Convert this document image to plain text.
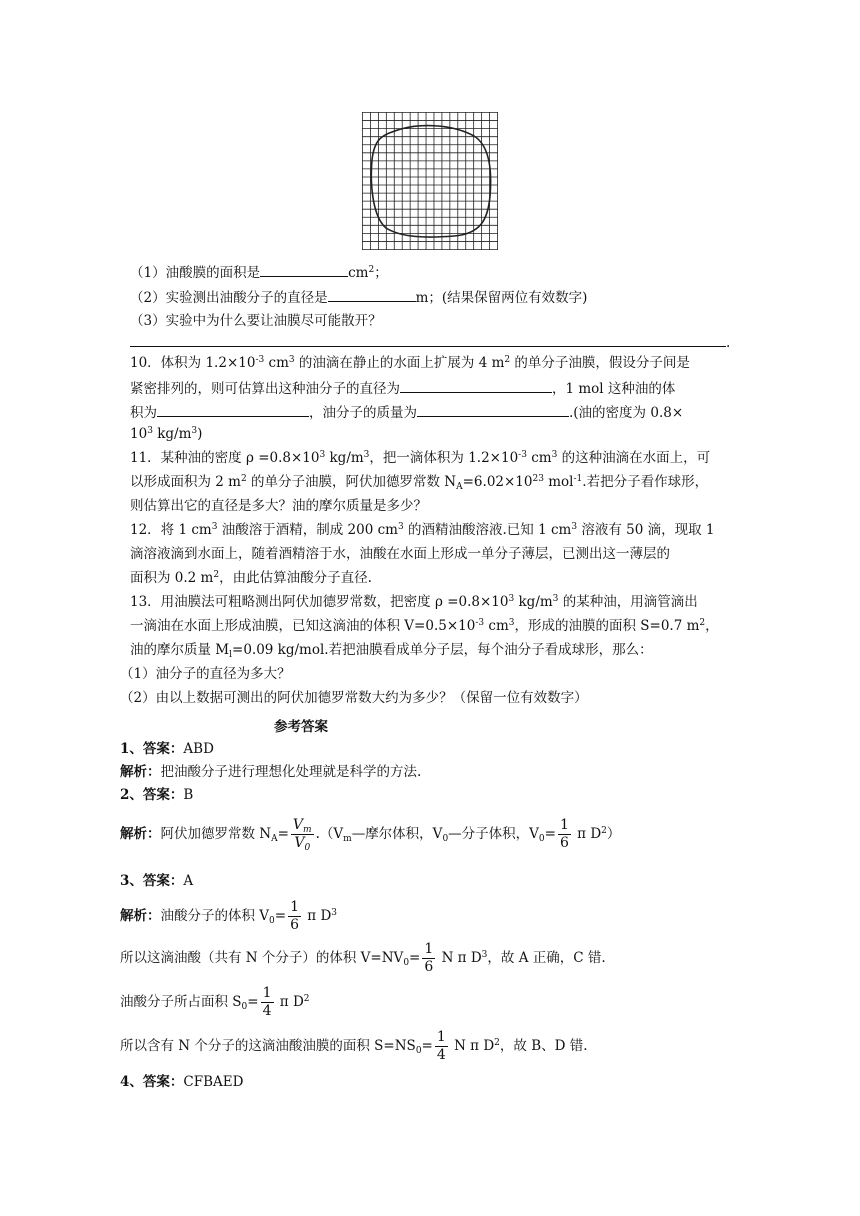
（1）油酸膜的面积是	$cm^2$；
（2）实验测出油酸分子的直径是	m；(结果保留两位有效数字)
（3）实验中为什么要让油膜尽可能散开？
.
10．体积为 $1.2\times 10^{-3}$ $cm^3$ 的油滴在静止的水面上扩展为 4 $m^2$ 的单分子油膜，假设分子间是
紧密排列的，则可估算出这种油分子的直径为	，1 mol 这种油的体
积为	，油分子的质量为	.(油的密度为 0.8×
$10^3$ $kg/m^3$)
11．某种油的密度 $\rho =0.8\times 10^3$ $kg/m^3$，把一滴体积为 $1.2\times 10^{-3}$ $cm^3$ 的这种油滴在水面上，可
以形成面积为 2 $m^2$ 的单分子油膜，阿伏加德罗常数 $N_A=6.02\times 10^{23}$ mol$^{-1}$.若把分子看作球形，
则估算出它的直径是多大？油的摩尔质量是多少？
12．将 1 $cm^3$ 油酸溶于酒精，制成 200 $cm^3$ 的酒精油酸溶液.已知 1 $cm^3$ 溶液有 50 滴，现取 1
滴溶液滴到水面上，随着酒精溶于水，油酸在水面上形成一单分子薄层，已测出这一薄层的
面积为 0.2 $m^2$，由此估算油酸分子直径.
13．用油膜法可粗略测出阿伏加德罗常数，把密度 $\rho =0.8\times 10^3$ $kg/m^3$ 的某种油，用滴管滴出
一滴油在水面上形成油膜，已知这滴油的体积 $V=0.5\times 10^{-3}$ $cm^3$，形成的油膜的面积 S=0.7 $m^2$，
油的摩尔质量 $M_l=0.09$ kg/mol.若把油膜看成单分子层，每个油分子看成球形，那么：
（1）油分子的直径为多大？
（2）由以上数据可测出的阿伏加德罗常数大约为多少？（保留一位有效数字）
参考答案
1、答案：ABD
解析：把油酸分子进行理想化处理就是科学的方法.
2、答案：B
解析：阿伏加德罗常数 $N_A= \frac{V_m}{V_0}$ $.(V_m—$摩尔体积，$V_0—$分子体积，$V_0= \frac{1}{6}$ π $D^2$）
3、答案：A
解析：油酸分子的体积 $V_0= \frac{1}{6}$ π $D^3$
所以这滴油酸（共有 N 个分子）的体积 $V=NV_0= \frac{1}{6}$ N π $D^3$，故 A 正确，C 错.
油酸分子所占面积 $S_0= \frac{1}{4}$ π $D^2$
所以含有 N 个分子的这滴油酸油膜的面积 $S=NS_0= \frac{1}{4}$ N π $D^2$，故 B、D 错.
4、答案：CFBAED
